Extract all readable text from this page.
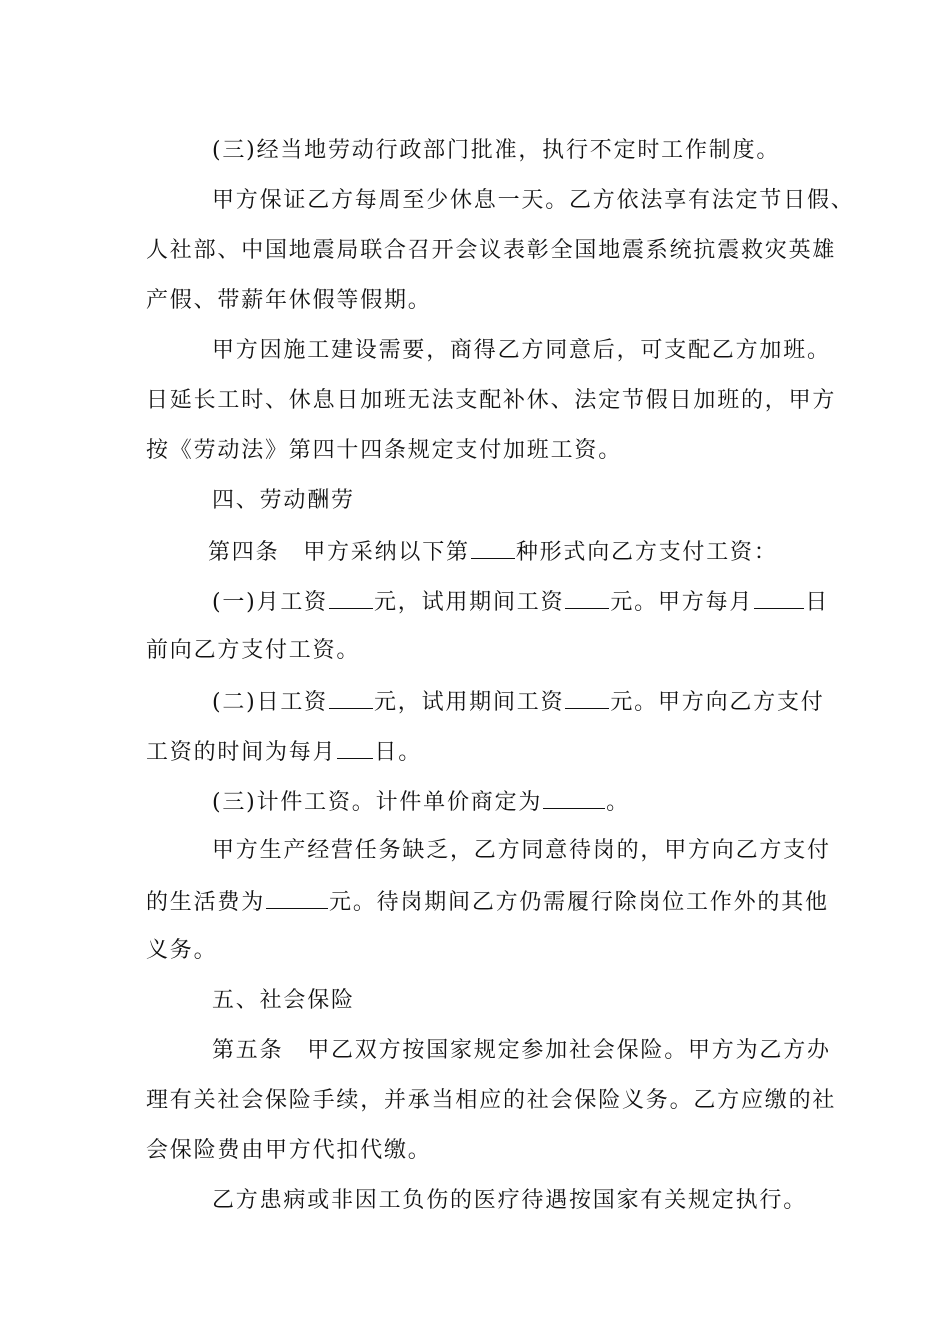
(三)经当地劳动行政部门批准，执行不定时工作制度。
甲方保证乙方每周至少休息一天。乙方依法享有法定节日假、
人社部、中国地震局联合召开会议表彰全国地震系统抗震救灾英雄
产假、带薪年休假等假期。
甲方因施工建设需要，商得乙方同意后，可支配乙方加班。
日延长工时、休息日加班无法支配补休、法定节假日加班的，甲方
按《劳动法》第四十四条规定支付加班工资。
四、劳动酬劳
第四条　甲方采纳以下第 种形式向乙方支付工资：
(一)月工资 元，试用期间工资 元。甲方每月 日
前向乙方支付工资。
(二)日工资 元，试用期间工资 元。甲方向乙方支付
工资的时间为每月 日。
(三)计件工资。计件单价商定为	。
甲方生产经营任务缺乏，乙方同意待岗的，甲方向乙方支付
的生活费为	元。待岗期间乙方仍需履行除岗位工作外的其他
义务。
五、社会保险
第五条　甲乙双方按国家规定参加社会保险。甲方为乙方办
理有关社会保险手续，并承当相应的社会保险义务。乙方应缴的社
会保险费由甲方代扣代缴。
乙方患病或非因工负伤的医疗待遇按国家有关规定执行。
